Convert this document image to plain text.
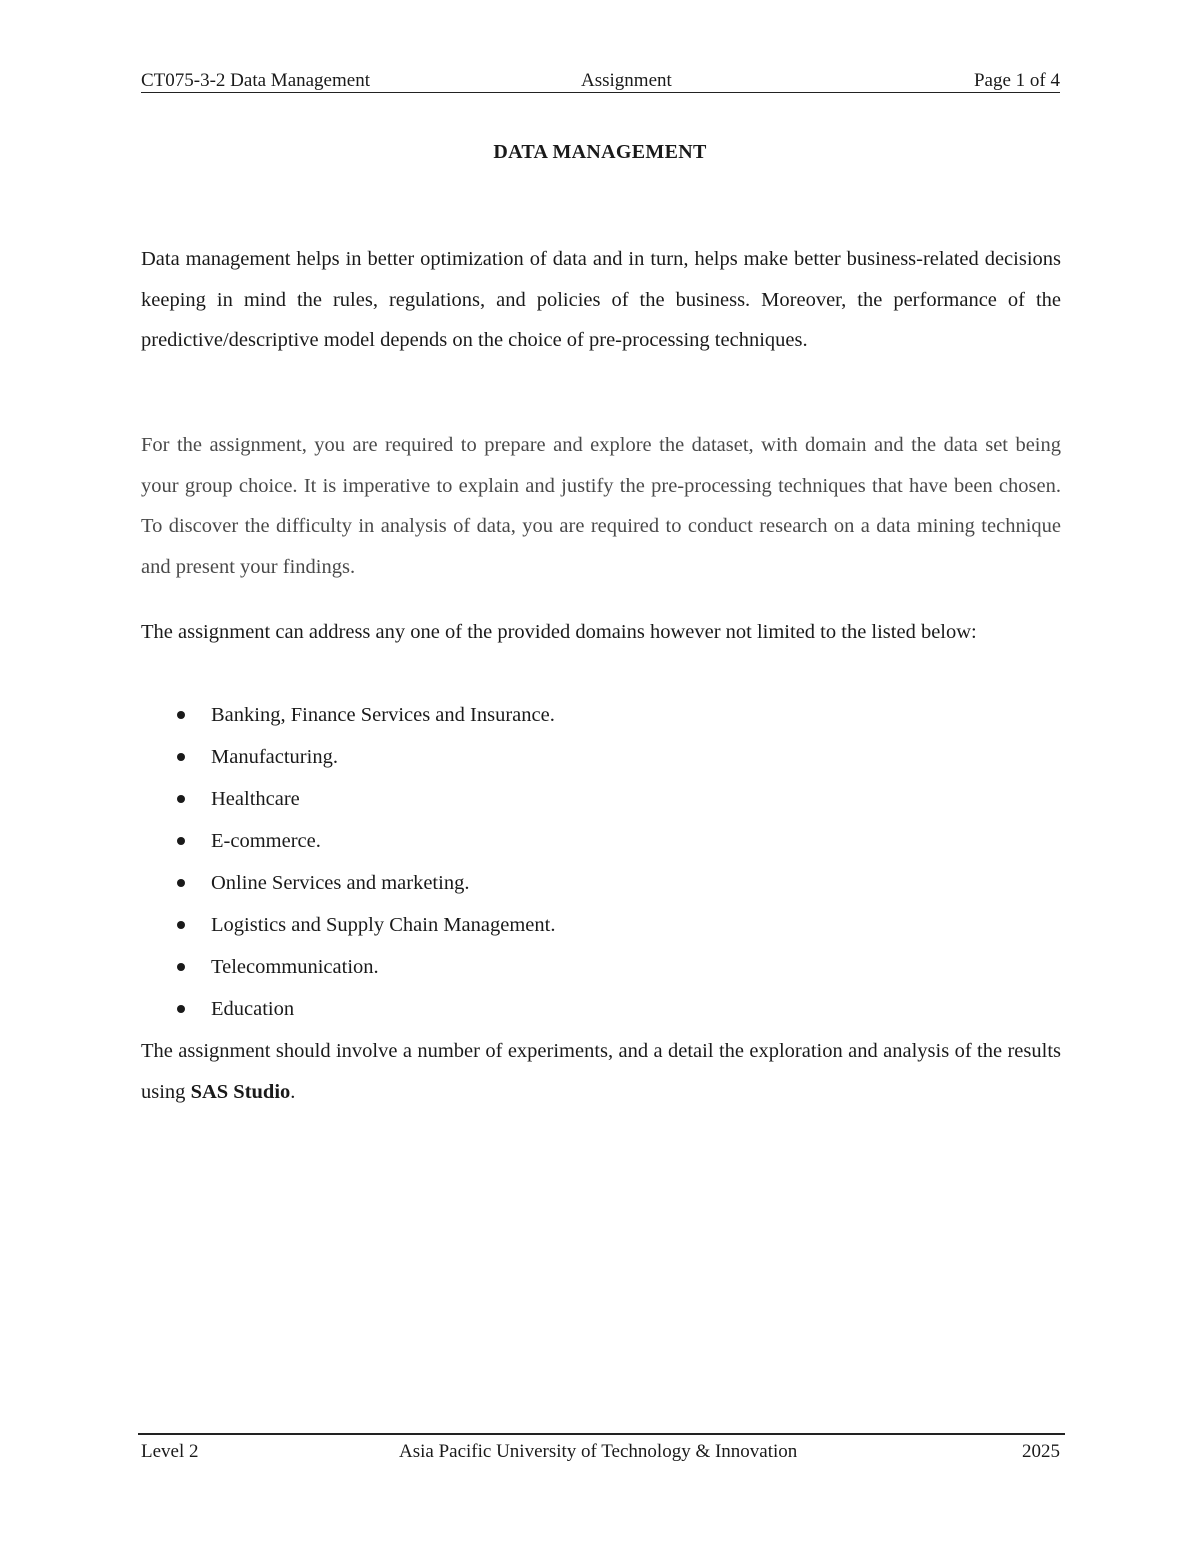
CT075-3-2 Data Management	Assignment	Page 1 of 4
DATA MANAGEMENT

Data management helps in better optimization of data and in turn, helps make better business-related decisions keeping in mind the rules, regulations, and policies of the business. Moreover, the performance of the predictive/descriptive model depends on the choice of pre-processing techniques.

For the assignment, you are required to prepare and explore the dataset, with domain and the data set being your group choice. It is imperative to explain and justify the pre-processing techniques that have been chosen. To discover the difficulty in analysis of data, you are required to conduct research on a data mining technique and present your findings.

The assignment can address any one of the provided domains however not limited to the listed below:

Banking, Finance Services and Insurance.
Manufacturing.
Healthcare
E-commerce.
Online Services and marketing.
Logistics and Supply Chain Management.
Telecommunication.
Education

The assignment should involve a number of experiments, and a detail the exploration and analysis of the results using SAS Studio.

Level 2	Asia Pacific University of Technology & Innovation	2025
